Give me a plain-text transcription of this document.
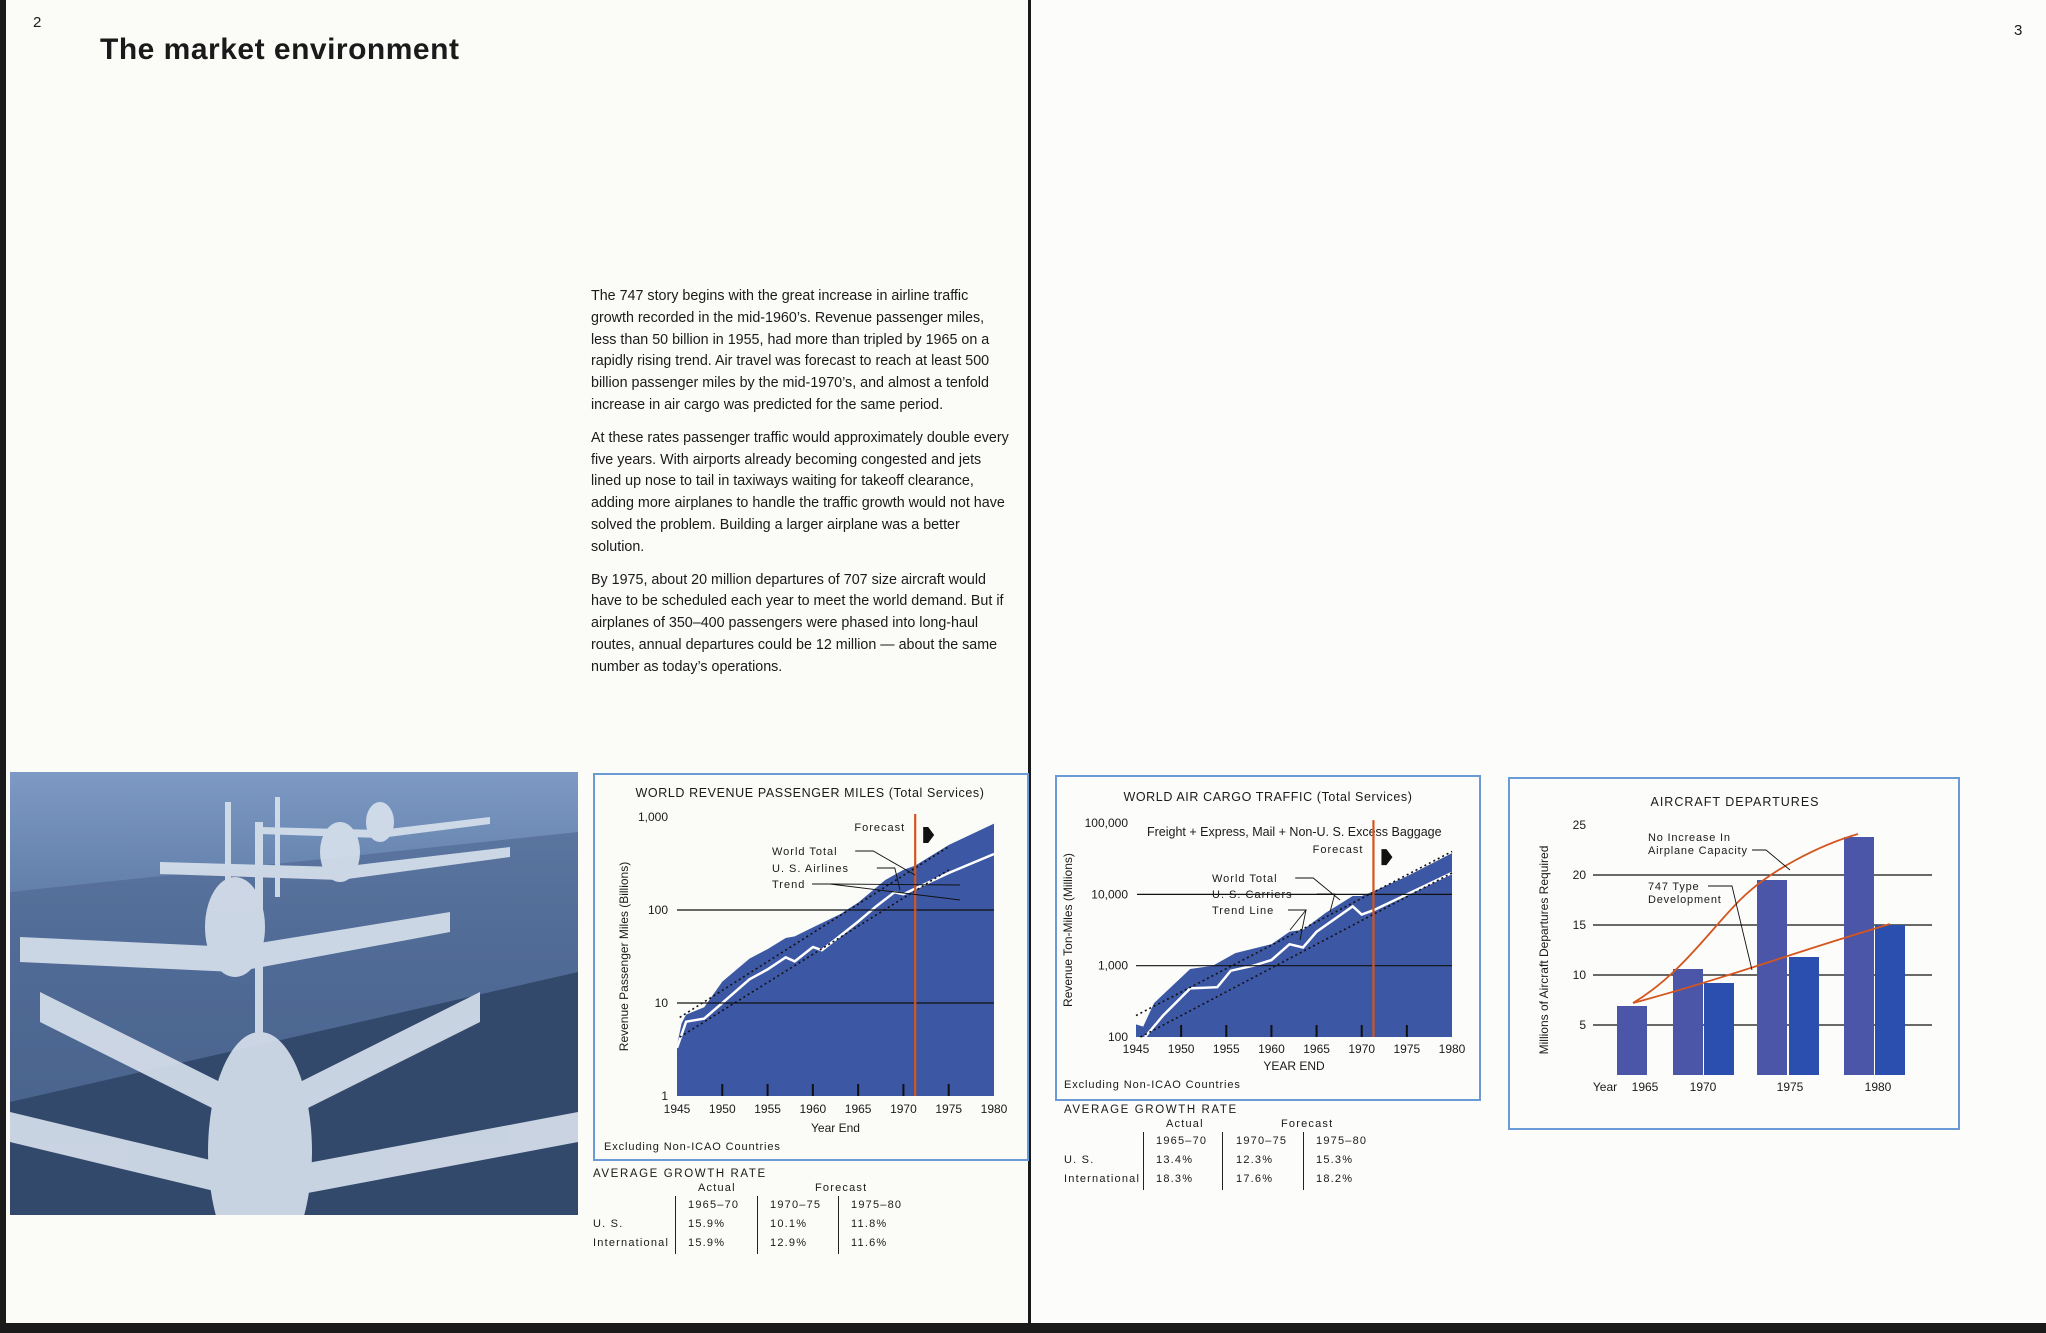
2	3
The market environment

The 747 story begins with the great increase in airline traffic growth recorded in the mid-1960’s. Revenue passenger miles, less than 50 billion in 1955, had more than tripled by 1965 on a rapidly rising trend. Air travel was forecast to reach at least 500 billion passenger miles by the mid-1970’s, and almost a tenfold increase in air cargo was predicted for the same period.

At these rates passenger traffic would approximately double every five years. With airports already becoming congested and jets lined up nose to tail in taxiways waiting for takeoff clearance, adding more airplanes to handle the traffic growth would not have solved the problem. Building a larger airplane was a better solution.

By 1975, about 20 million departures of 707 size aircraft would have to be scheduled each year to meet the world demand. But if airplanes of 350–400 passengers were phased into long-haul routes, annual departures could be 12 million — about the same number as today’s operations.

WORLD REVENUE PASSENGER MILES (Total Services)
1
10
100
1,000
1945 1950 1955 1960 1965 1970 1975 1980
Revenue Passenger Miles (Billions)
Year End
Excluding Non-ICAO Countries
Forecast
World Total
U. S. Airlines
Trend
WORLD AIR CARGO TRAFFIC (Total Services)
Freight + Express, Mail + Non-U. S. Excess Baggage
100
1,000
10,000
100,000
1945 1950 1955 1960 1965 1970 1975 1980
Revenue Ton-Miles (Millions)
YEAR END
Excluding Non-ICAO Countries
Forecast
World Total
U. S. Carriers
Trend Line
AIRCRAFT DEPARTURES
5
10
15
20
25
Millions of Aircraft Departures Required
Year 1965	1970	1975	1980
No Increase In
Airplane Capacity
747 Type
Development
AVERAGE GROWTH RATE
Actual	Forecast
1965–70	1970–75	1975–80
U. S.	15.9%	10.1%	11.8%
International 15.9%	12.9%	11.6%
AVERAGE GROWTH RATE
Actual	Forecast
1965–70	1970–75	1975–80
U. S.	13.4%	12.3%	15.3%
International 18.3%	17.6%	18.2%
